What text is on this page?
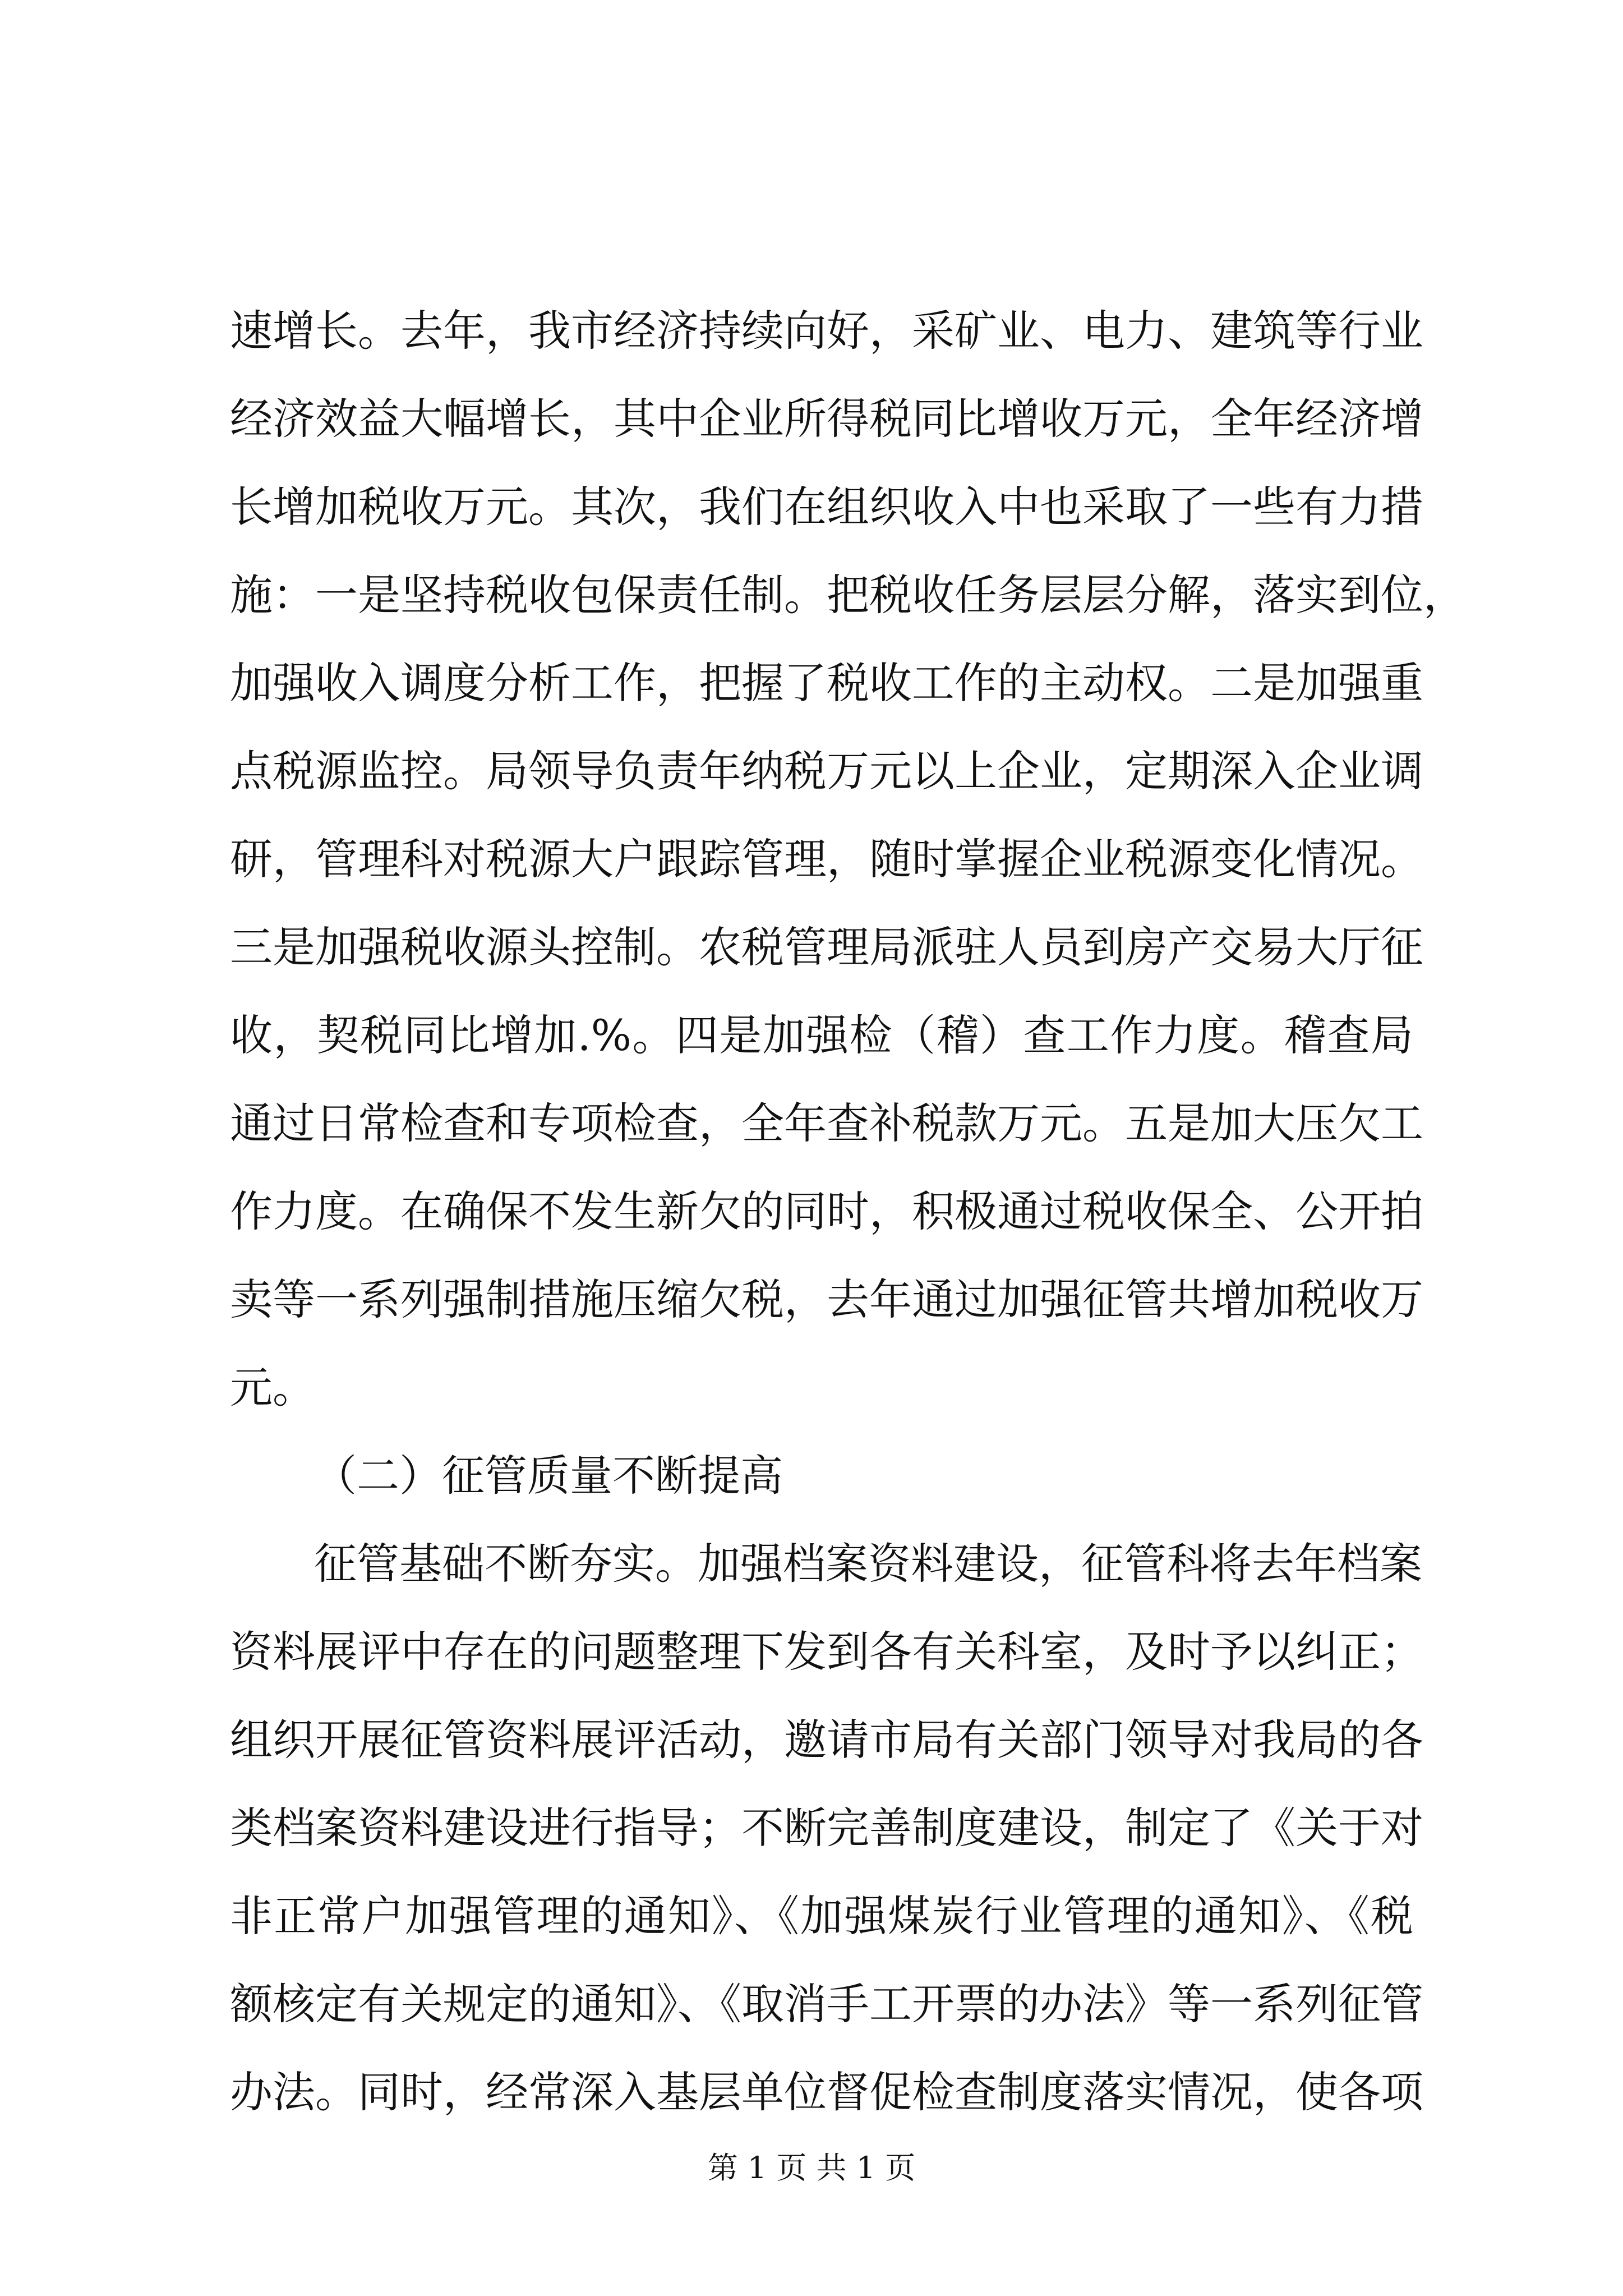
速增长。去年，我市经济持续向好，采矿业、电力、建筑等行业
经济效益大幅增长，其中企业所得税同比增收万元，全年经济增
长增加税收万元。其次，我们在组织收入中也采取了一些有力措
施：一是坚持税收包保责任制。把税收任务层层分解，落实到位，
加强收入调度分析工作，把握了税收工作的主动权。二是加强重
点税源监控。局领导负责年纳税万元以上企业，定期深入企业调
研，管理科对税源大户跟踪管理，随时掌握企业税源变化情况。
三是加强税收源头控制。农税管理局派驻人员到房产交易大厅征
收，契税同比增加.%。四是加强检（稽）查工作力度。稽查局
通过日常检查和专项检查，全年查补税款万元。五是加大压欠工
作力度。在确保不发生新欠的同时，积极通过税收保全、公开拍
卖等一系列强制措施压缩欠税，去年通过加强征管共增加税收万
元。
（二）征管质量不断提高
征管基础不断夯实。加强档案资料建设，征管科将去年档案
资料展评中存在的问题整理下发到各有关科室，及时予以纠正；
组织开展征管资料展评活动，邀请市局有关部门领导对我局的各
类档案资料建设进行指导；不断完善制度建设，制定了《关于对
非正常户加强管理的通知》、《加强煤炭行业管理的通知》、《税
额核定有关规定的通知》、《取消手工开票的办法》等一系列征管
办法。同时，经常深入基层单位督促检查制度落实情况，使各项
第 1 页 共 1 页
